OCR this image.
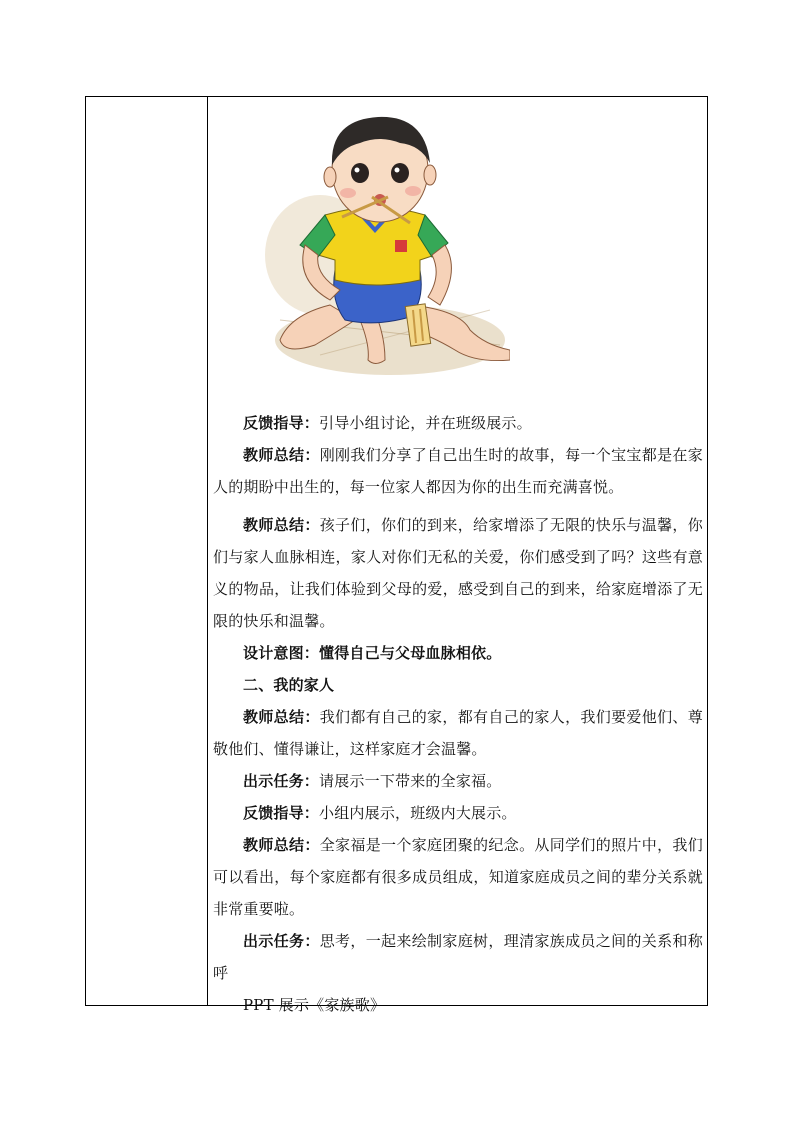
反馈指导：引导小组讨论，并在班级展示。

教师总结：刚刚我们分享了自己出生时的故事，每一个宝宝都是在家人的期盼中出生的，每一位家人都因为你的出生而充满喜悦。

教师总结：孩子们，你们的到来，给家增添了无限的快乐与温馨，你们与家人血脉相连，家人对你们无私的关爱，你们感受到了吗？这些有意义的物品，让我们体验到父母的爱，感受到自己的到来，给家庭增添了无限的快乐和温馨。

设计意图：懂得自己与父母血脉相依。

二、我的家人

教师总结：我们都有自己的家，都有自己的家人，我们要爱他们、尊敬他们、懂得谦让，这样家庭才会温馨。

出示任务：请展示一下带来的全家福。

反馈指导：小组内展示，班级内大展示。

教师总结：全家福是一个家庭团聚的纪念。从同学们的照片中，我们可以看出，每个家庭都有很多成员组成，知道家庭成员之间的辈分关系就非常重要啦。

出示任务：思考，一起来绘制家庭树，理清家族成员之间的关系和称呼

PPT 展示《家族歌》
